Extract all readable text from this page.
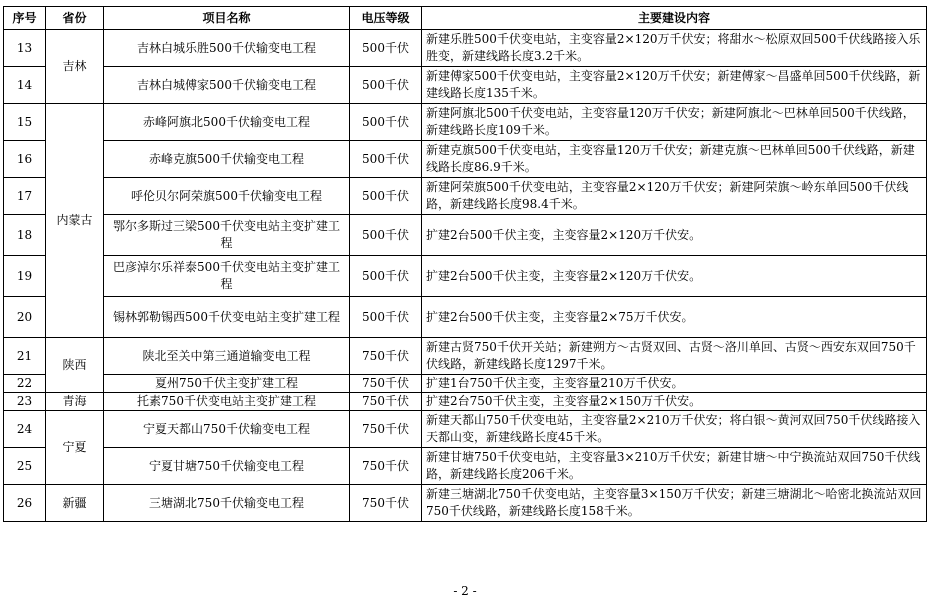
序号	省份	项目名称	电压等级	主要建设内容
13	吉林	吉林白城乐胜500千伏输变电工程	500千伏	新建乐胜500千伏变电站，主变容量2×120万千伏安；将甜水～松原双回500千伏线路接入乐胜变，新建线路长度3.2千米。
14		吉林白城傅家500千伏输变电工程	500千伏	新建傅家500千伏变电站，主变容量2×120万千伏安；新建傅家～昌盛单回500千伏线路，新建线路长度135千米。
15	内蒙古	赤峰阿旗北500千伏输变电工程	500千伏	新建阿旗北500千伏变电站，主变容量120万千伏安；新建阿旗北～巴林单回500千伏线路，新建线路长度109千米。
16		赤峰克旗500千伏输变电工程	500千伏	新建克旗500千伏变电站，主变容量120万千伏安；新建克旗～巴林单回500千伏线路，新建线路长度86.9千米。
17		呼伦贝尔阿荣旗500千伏输变电工程	500千伏	新建阿荣旗500千伏变电站，主变容量2×120万千伏安；新建阿荣旗～岭东单回500千伏线路，新建线路长度98.4千米。
18		鄂尔多斯过三梁500千伏变电站主变扩建工程	500千伏	扩建2台500千伏主变，主变容量2×120万千伏安。
19		巴彦淖尔乐祥泰500千伏变电站主变扩建工程	500千伏	扩建2台500千伏主变，主变容量2×120万千伏安。
20		锡林郭勒锡西500千伏变电站主变扩建工程	500千伏	扩建2台500千伏主变，主变容量2×75万千伏安。
21	陕西	陕北至关中第三通道输变电工程	750千伏	新建古贤750千伏开关站；新建朔方～古贤双回、古贤～洛川单回、古贤～西安东双回750千伏线路，新建线路长度1297千米。
22		夏州750千伏主变扩建工程	750千伏	扩建1台750千伏主变，主变容量210万千伏安。
23	青海	托素750千伏变电站主变扩建工程	750千伏	扩建2台750千伏主变，主变容量2×150万千伏安。
24	宁夏	宁夏天都山750千伏输变电工程	750千伏	新建天都山750千伏变电站，主变容量2×210万千伏安；将白银～黄河双回750千伏线路接入天都山变，新建线路长度45千米。
25		宁夏甘塘750千伏输变电工程	750千伏	新建甘塘750千伏变电站，主变容量3×210万千伏安；新建甘塘～中宁换流站双回750千伏线路，新建线路长度206千米。
26	新疆	三塘湖北750千伏输变电工程	750千伏	新建三塘湖北750千伏变电站，主变容量3×150万千伏安；新建三塘湖北～哈密北换流站双回750千伏线路，新建线路长度158千米。
- 2 -
